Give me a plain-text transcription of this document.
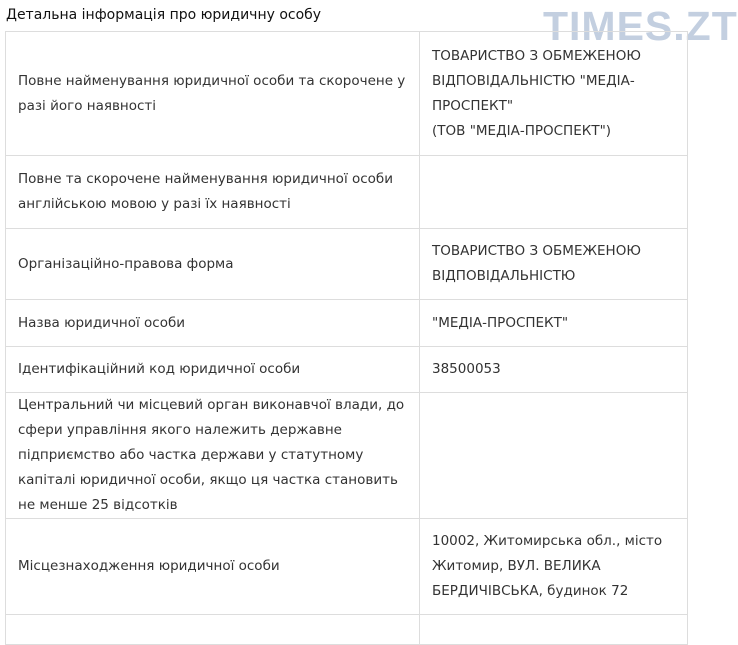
Детальна інформація про юридичну особу	TIMES.ZT
Повне найменування юридичної особи та скорочене у разі його наявності	ТОВАРИСТВО З ОБМЕЖЕНОЮ ВІДПОВІДАЛЬНІСТЮ "МЕДІА-ПРОСПЕКТ"
(ТОВ "МЕДІА-ПРОСПЕКТ")

Повне та скорочене найменування юридичної особи англійською мовою у разі їх наявності	
Організаційно-правова форма	ТОВАРИСТВО З ОБМЕЖЕНОЮ ВІДПОВІДАЛЬНІСТЮ

Назва юридичної особи	"МЕДІА-ПРОСПЕКТ"

Ідентифікаційний код юридичної особи	38500053

Центральний чи місцевий орган виконавчої влади, до сфери управління якого належить державне підприємство або частка держави у статутному капіталі юридичної особи, якщо ця частка становить не менше 25 відсотків	
Місцезнаходження юридичної особи	10002, Житомирська обл., місто Житомир, ВУЛ. ВЕЛИКА БЕРДИЧІВСЬКА, будинок 72
